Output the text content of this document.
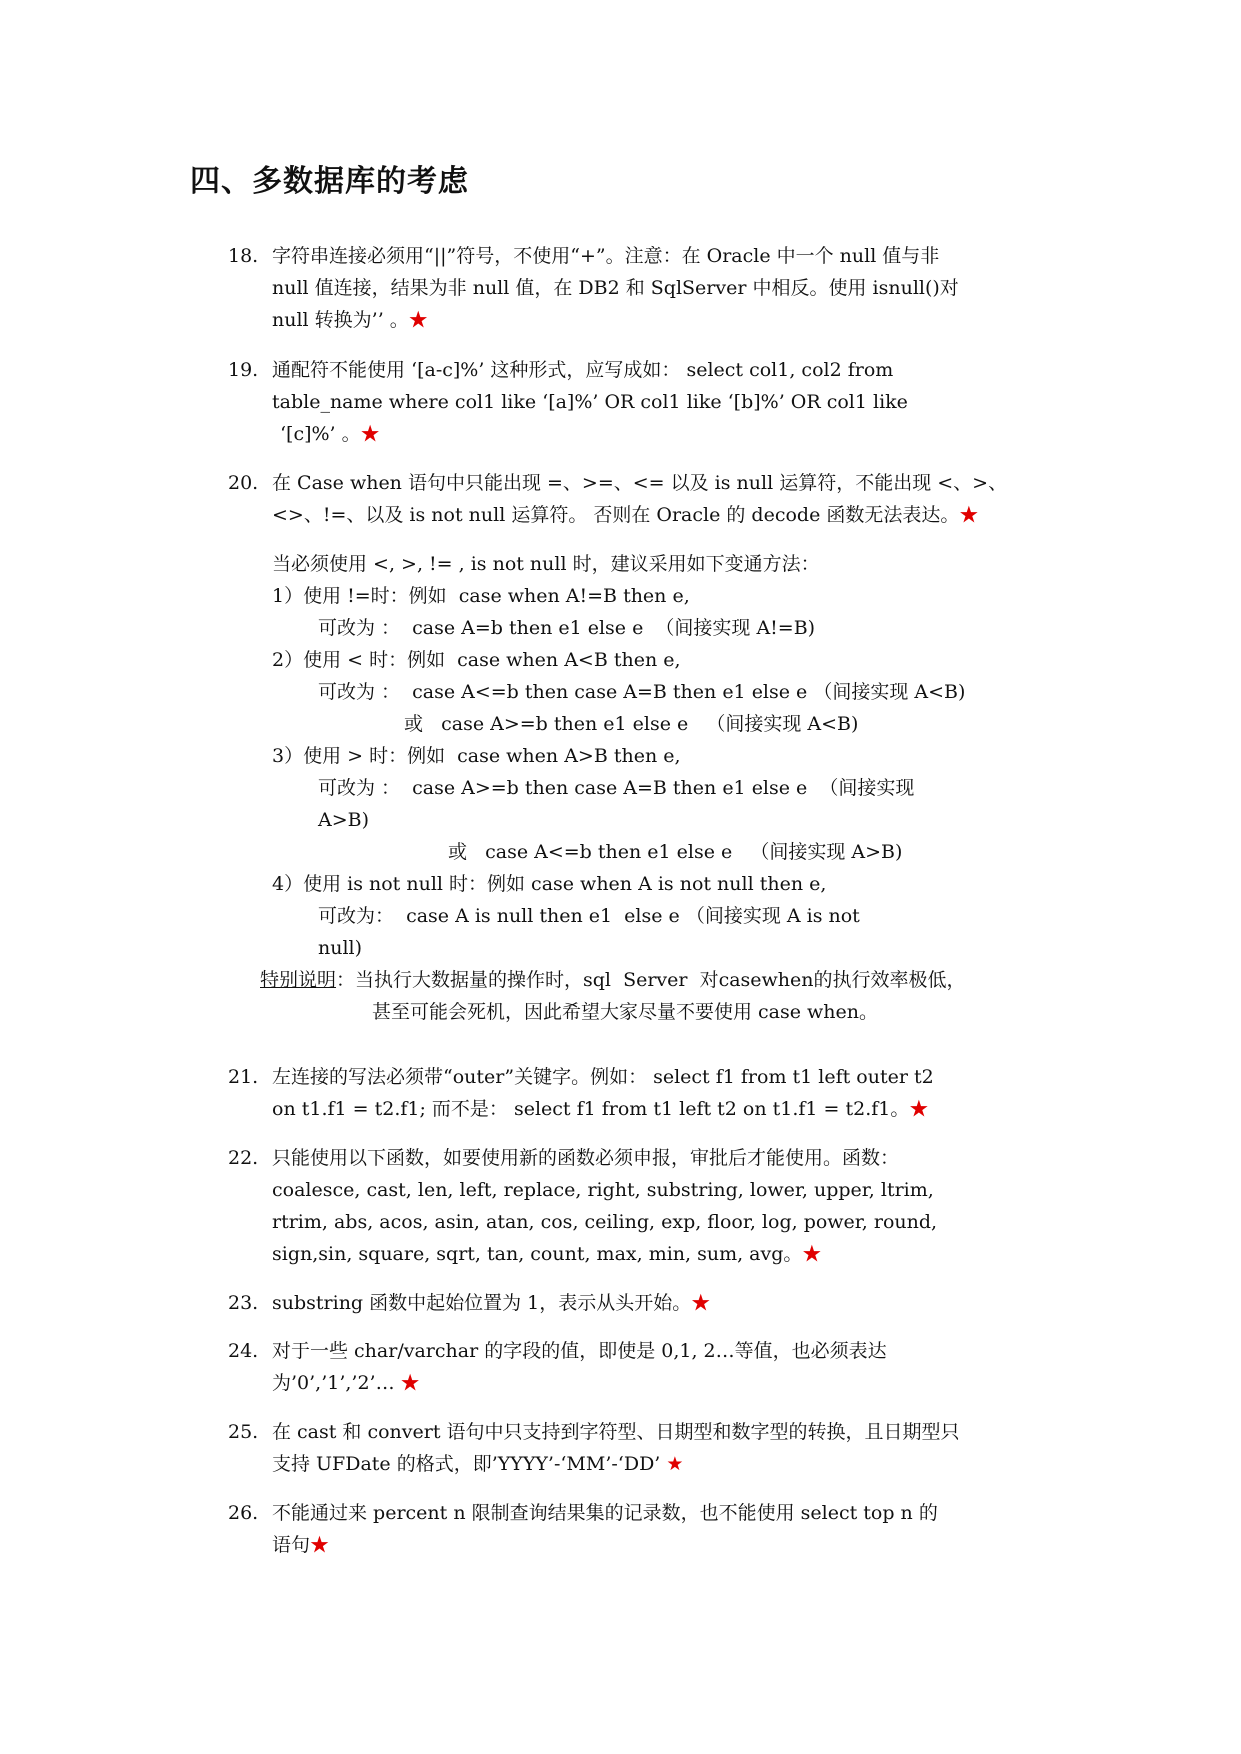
四、多数据库的考虑
18. 字符串连接必须用“||”符号，不使用“+”。注意：在 Oracle 中一个 null 值与非
null 值连接，结果为非 null 值，在 DB2 和 SqlServer 中相反。使用 isnull()对
null 转换为’’ 。★
19. 通配符不能使用 ‘[a-c]%’ 这种形式，应写成如： select col1, col2 from
table_name where col1 like ‘[a]%’ OR col1 like ‘[b]%’ OR col1 like
‘[c]%’ 。★
20. 在 Case when 语句中只能出现 =、>=、<= 以及 is null 运算符，不能出现 <、>、
<>、!=、以及 is not null 运算符。 否则在 Oracle 的 decode 函数无法表达。★
当必须使用 <, >, != , is not null 时，建议采用如下变通方法：
1）使用 !=时：例如  case when A!=B then e,
可改为 ：  case A=b then e1 else e  （间接实现 A!=B)
2）使用 < 时：例如  case when A<B then e,
可改为 ：  case A<=b then case A=B then e1 else e （间接实现 A<B)
或   case A>=b then e1 else e   （间接实现 A<B)
3）使用 > 时：例如  case when A>B then e,
可改为 ：  case A>=b then case A=B then e1 else e  （间接实现
A>B)
或   case A<=b then e1 else e   （间接实现 A>B)
4）使用 is not null 时：例如 case when A is not null then e,
可改为：  case A is null then e1  else e （间接实现 A is not
null)
特别说明：当执行大数据量的操作时，sql  Server  对casewhen的执行效率极低，
甚至可能会死机，因此希望大家尽量不要使用 case when。
21. 左连接的写法必须带“outer”关键字。例如： select f1 from t1 left outer t2
on t1.f1 = t2.f1; 而不是： select f1 from t1 left t2 on t1.f1 = t2.f1。★
22. 只能使用以下函数，如要使用新的函数必须申报，审批后才能使用。函数：
coalesce, cast, len, left, replace, right, substring, lower, upper, ltrim,
rtrim, abs, acos, asin, atan, cos, ceiling, exp, floor, log, power, round,
sign,sin, square, sqrt, tan, count, max, min, sum, avg。★
23. substring 函数中起始位置为 1，表示从头开始。★
24. 对于一些 char/varchar 的字段的值，即使是 0,1, 2…等值，也必须表达
为’0’,’1’,’2’… ★
25. 在 cast 和 convert 语句中只支持到字符型、日期型和数字型的转换，且日期型只
支持 UFDate 的格式，即’YYYY’-‘MM’-‘DD’ ★
26. 不能通过来 percent n 限制查询结果集的记录数，也不能使用 select top n 的
语句★
